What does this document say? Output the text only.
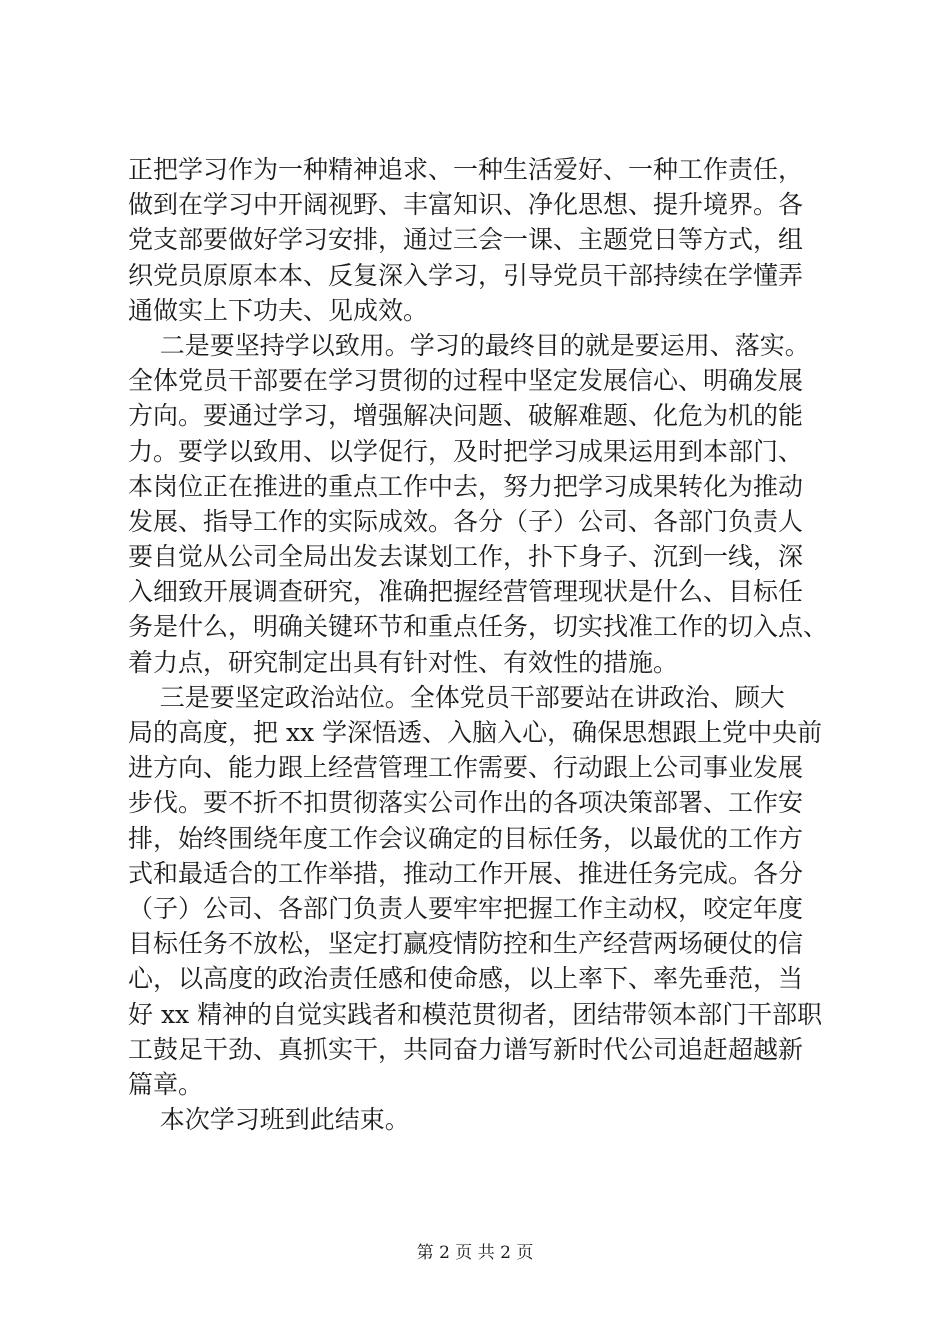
正把学习作为一种精神追求、一种生活爱好、一种工作责任，
做到在学习中开阔视野、丰富知识、净化思想、提升境界。各
党支部要做好学习安排，通过三会一课、主题党日等方式，组
织党员原原本本、反复深入学习，引导党员干部持续在学懂弄
通做实上下功夫、见成效。
二是要坚持学以致用。学习的最终目的就是要运用、落实。
全体党员干部要在学习贯彻的过程中坚定发展信心、明确发展
方向。要通过学习，增强解决问题、破解难题、化危为机的能
力。要学以致用、以学促行，及时把学习成果运用到本部门、
本岗位正在推进的重点工作中去，努力把学习成果转化为推动
发展、指导工作的实际成效。各分（子）公司、各部门负责人
要自觉从公司全局出发去谋划工作，扑下身子、沉到一线，深
入细致开展调查研究，准确把握经营管理现状是什么、目标任
务是什么，明确关键环节和重点任务，切实找准工作的切入点、
着力点，研究制定出具有针对性、有效性的措施。
三是要坚定政治站位。全体党员干部要站在讲政治、顾大
局的高度，把 xx 学深悟透、入脑入心，确保思想跟上党中央前
进方向、能力跟上经营管理工作需要、行动跟上公司事业发展
步伐。要不折不扣贯彻落实公司作出的各项决策部署、工作安
排，始终围绕年度工作会议确定的目标任务，以最优的工作方
式和最适合的工作举措，推动工作开展、推进任务完成。各分
（子）公司、各部门负责人要牢牢把握工作主动权，咬定年度
目标任务不放松，坚定打赢疫情防控和生产经营两场硬仗的信
心，以高度的政治责任感和使命感，以上率下、率先垂范，当
好 xx 精神的自觉实践者和模范贯彻者，团结带领本部门干部职
工鼓足干劲、真抓实干，共同奋力谱写新时代公司追赶超越新
篇章。
本次学习班到此结束。
第 2 页 共 2 页
